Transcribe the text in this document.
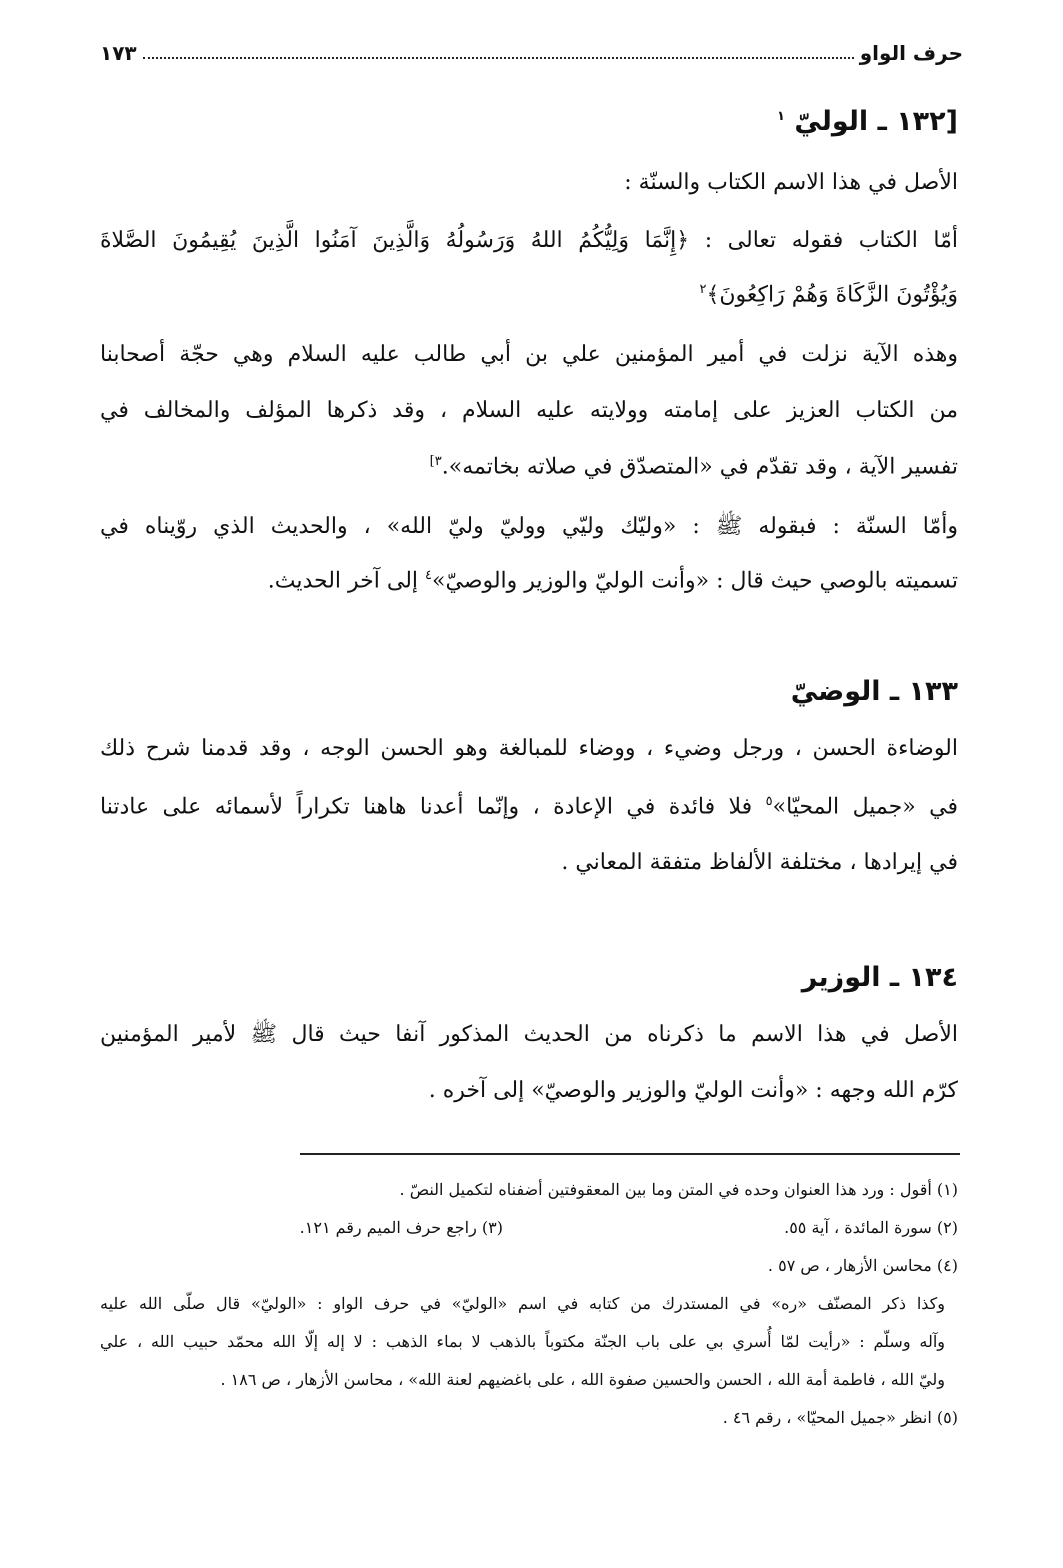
حرف الواو
١٧٣
[١٣٢ ـ الوليّ $^١$
الأصل في هذا الاسم الكتاب والسنّة :
أمّا الكتاب فقوله تعالى : ﴿إِنَّمَا وَلِيُّكُمُ اللهُ وَرَسُولُهُ وَالَّذِينَ آمَنُوا الَّذِينَ يُقِيمُونَ الصَّلاةَ
وَيُؤْتُونَ الزَّكَاةَ وَهُمْ رَاكِعُونَ﴾$^٢$
وهذه الآية نزلت في أمير المؤمنين علي بن أبي طالب عليه السلام وهي حجّة أصحابنا
من الكتاب العزيز على إمامته وولايته عليه السلام ، وقد ذكرها المؤلف والمخالف في
تفسير الآية ، وقد تقدّم في «المتصدّق في صلاته بخاتمه».$^{٣]}$
وأمّا السنّة : فبقوله ﷺ : «وليّك وليّي ووليّ وليّ الله» ، والحديث الذي روّيناه في
تسميته بالوصي حيث قال : «وأنت الوليّ والوزير والوصيّ»$^٤$ إلى آخر الحديث.
١٣٣ ـ الوضيّ
الوضاءة الحسن ، ورجل وضيء ، ووضاء للمبالغة وهو الحسن الوجه ، وقد قدمنا شرح ذلك
في «جميل المحيّا»$^٥$ فلا فائدة في الإعادة ، وإنّما أعدنا هاهنا تكراراً لأسمائه على عادتنا
في إيرادها ، مختلفة الألفاظ متفقة المعاني .
١٣٤ ـ الوزير
الأصل في هذا الاسم ما ذكرناه من الحديث المذكور آنفا حيث قال ﷺ لأمير المؤمنين
كرّم الله وجهه : «وأنت الوليّ والوزير والوصيّ» إلى آخره .
(١) أقول : ورد هذا العنوان وحده في المتن وما بين المعقوفتين أضفناه لتكميل النصّ .
(٢) سورة المائدة ، آية ٥٥.
(٣) راجع حرف الميم رقم ١٢١.
(٤) محاسن الأزهار ، ص ٥٧ .
وكذا ذكر المصنّف «ره» في المستدرك من كتابه في اسم «الوليّ» في حرف الواو : «الوليّ» قال صلّى الله عليه
وآله وسلّم : «رأيت لمّا أُسري بي على باب الجنّة مكتوباً بالذهب لا بماء الذهب : لا إله إلّا الله محمّد حبيب الله ، علي
وليّ الله ، فاطمة أمة الله ، الحسن والحسين صفوة الله ، على باغضيهم لعنة الله» ، محاسن الأزهار ، ص ١٨٦ .
(٥) انظر «جميل المحيّا» ، رقم ٤٦ .
